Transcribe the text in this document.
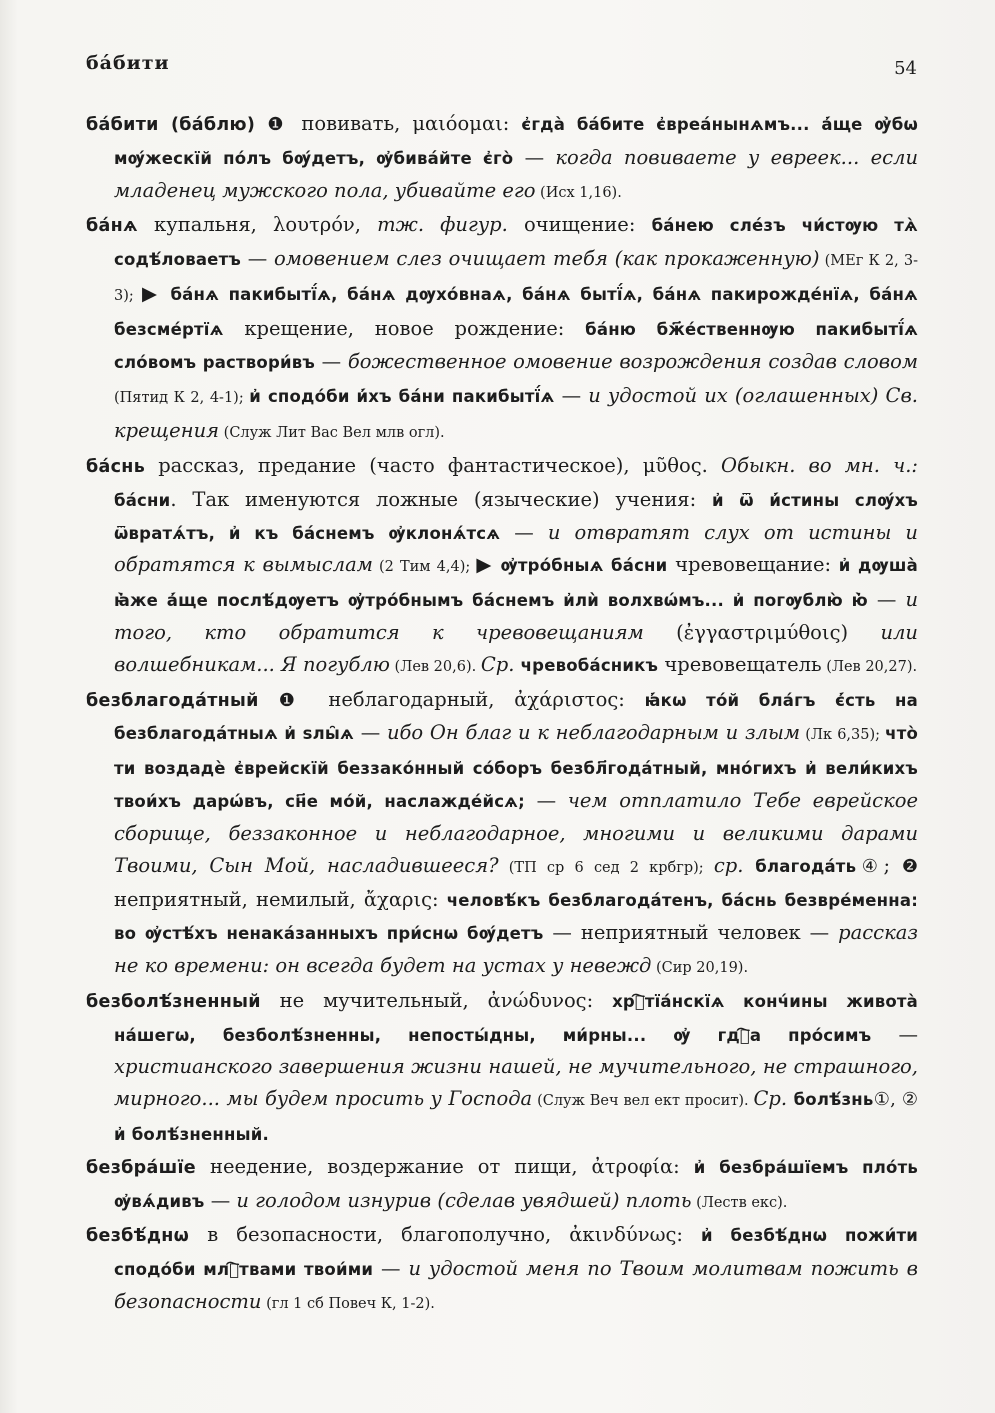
бáбити	54

бáбити (бáблю) ❶ повивать, μαιόομαι: є҆гдà бáбите є҆вреáнынѧмъ... а҆́ще ѹ҆̀бѡ мѹ́жескїй по́лъ бѹ́детъ, ѹ҆бивáйте є҆го̀ — когда повиваете у евреек... если младенец мужского пола, убивайте его (Исх 1,16).

бáнѧ купальня, λουτρόν, тж. фигур. очищение: бáнею слéзъ чи́стѹю тѧ̀ содѣ́ловаетъ — омовением слез очищает тебя (как прокаженную) (МЕг К 2, 3-3); ▶ бáнѧ пакибытї́ѧ, бáнѧ дѹхо́внаѧ, бáнѧ бытї́ѧ, бáнѧ пакирожде́нїѧ, бáнѧ безсме́ртїѧ крещение, новое рождение: бáню бж҃е́ственнѹю пакибытї́ѧ сло́вомъ раствори́въ — божественное омовение возрождения создав словом (Пятид К 2, 4-1); и҆ сподо́би и҆́хъ бáни пакибытї́ѧ — и удостой их (оглашенных) Св. крещения (Служ Лит Вас Вел млв огл).

бáснь рассказ, предание (часто фантастическое), μῦθος. Обыкн. во мн. ч.: бáсни. Так именуются ложные (языческие) учения: и҆ ѿ и҆́стины слѹ́хъ ѿвратѧ́тъ, и҆ къ бáснемъ ѹ҆клонѧ́тсѧ — и отвратят слух от истины и обратятся к вымыслам (2 Тим 4,4); ▶ ѹ҆тро́бныѧ бáсни чревовещание: и҆ дѹшà ꙗ҆̀же а҆́ще послѣ́дѹетъ ѹ҆тро́бнымъ бáснемъ и҆лѝ волхвѡ́мъ... и҆ погѹблю̀ ю҆̀ — и того, кто обратится к чревовещаниям (ἐγγαστριμύθοις) или волшебникам... Я погублю (Лев 20,6). Ср. чревобáсникъ чревовещатель (Лев 20,27).

безблагодáтный ❶ неблагодарный, ἀχάριστος: ꙗ҆́кѡ то́й бла́гъ є҆́сть на безблагодáтныѧ и҆ ѕлы̑ѧ — ибо Он благ и к неблагодарным и злым (Лк 6,35); что̀ ти воздадѐ є҆врейскїй беззако́нный со́боръ безбл҃годáтный, мно́гихъ и҆ вели́кихъ твои́хъ дарѡ́въ, сн҃е мо́й, наслажде́йсѧ; — чем отплатило Тебе еврейское сборище, беззаконное и неблагодарное, многими и великими дарами Твоими, Сын Мой, насладившееся? (ТП ср 6 сед 2 крбгр); ср. благодáть④; ❷ неприятный, немилый, ἄχαρις: человѣ́къ безблагодáтенъ, бáснь безвре́менна: во ѹ҆стѣ́хъ ненакáзанныхъ при́снѡ бѹ́детъ — неприятный человек — рассказ не ко времени: он всегда будет на устах у невежд (Сир 20,19).

безболѣ́зненный не мучительный, ἀνώδυνος: хрⷭ҇тїа́нскїѧ конч́ины живота̀ на́шегѡ, безболѣ́зненны, непосты́дны, ми́рны... ѹ҆ гдⷭ҇а про́симъ — христианского завершения жизни нашей, не мучительного, не страшного, мирного... мы будем просить у Господа (Служ Веч вел ект просит). Ср. болѣ́знь①, ② и҆ болѣ́зненный.

безбра́шїе неедение, воздержание от пищи, ἀτροφία: и҆ безбра́шїемъ пло́ть ѹ҆вѧ́дивъ — и голодом изнурив (сделав увядшей) плоть (Леств екс).

безбѣ́днѡ в безопасности, благополучно, ἀκινδύνως: и҆ безбѣ́днѡ пожи́ти сподо́би млⷭ҇твами твои́ми — и удостой меня по Твоим молитвам пожить в безопасности (гл 1 сб Повеч К, 1-2).
